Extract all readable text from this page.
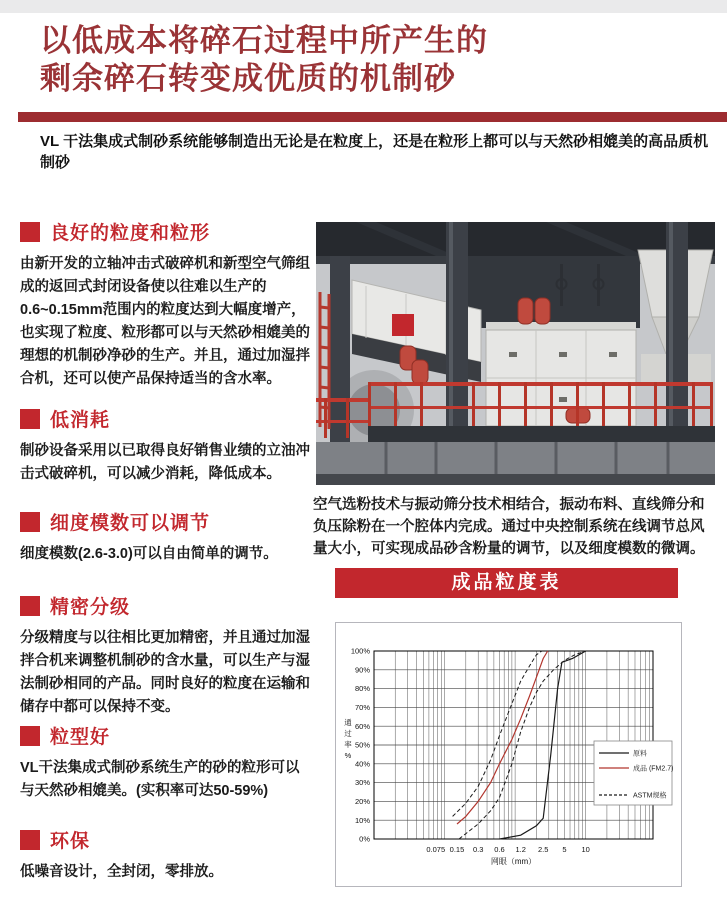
以低成本将碎石过程中所产生的
剩余碎石转变成优质的机制砂
VL 干法集成式制砂系统能够制造出无论是在粒度上，还是在粒形上都可以与天然砂相媲美的高品质机制砂
良好的粒度和粒形
由新开发的立轴冲击式破碎机和新型空气筛组成的返回式封闭设备使以往难以生产的0.6~0.15mm范围内的粒度达到大幅度增产，也实现了粒度、粒形都可以与天然砂相媲美的理想的机制砂净砂的生产。并且，通过加湿拌合机，还可以使产品保持适当的含水率。
低消耗
制砂设备采用以已取得良好销售业绩的立油冲击式破碎机，可以减少消耗，降低成本。
细度模数可以调节
细度模数(2.6-3.0)可以自由简单的调节。
精密分级
分级精度与以往相比更加精密，并且通过加湿拌合机来调整机制砂的含水量，可以生产与湿法制砂相同的产品。同时良好的粒度在运输和储存中都可以保持不变。
粒型好
VL干法集成式制砂系统生产的砂的粒形可以与天然砂相媲美。(实积率可达50-59%)
环保
低噪音设计，全封闭，零排放。
空气选粉技术与振动筛分技术相结合，振动布料、直线筛分和负压除粉在一个腔体内完成。通过中央控制系统在线调节总风量大小，可实现成品砂含粉量的调节，以及细度模数的微调。
成品粒度表
0%
10%
20%
30%
40%
50%
60%
70%
80%
90%
100%
0.075 0.15 0.3 0.6 1.2 2.5 5 10
网眼（mm）
通
过
率
%	原料
成品 (FM2.7)
ASTM规格
